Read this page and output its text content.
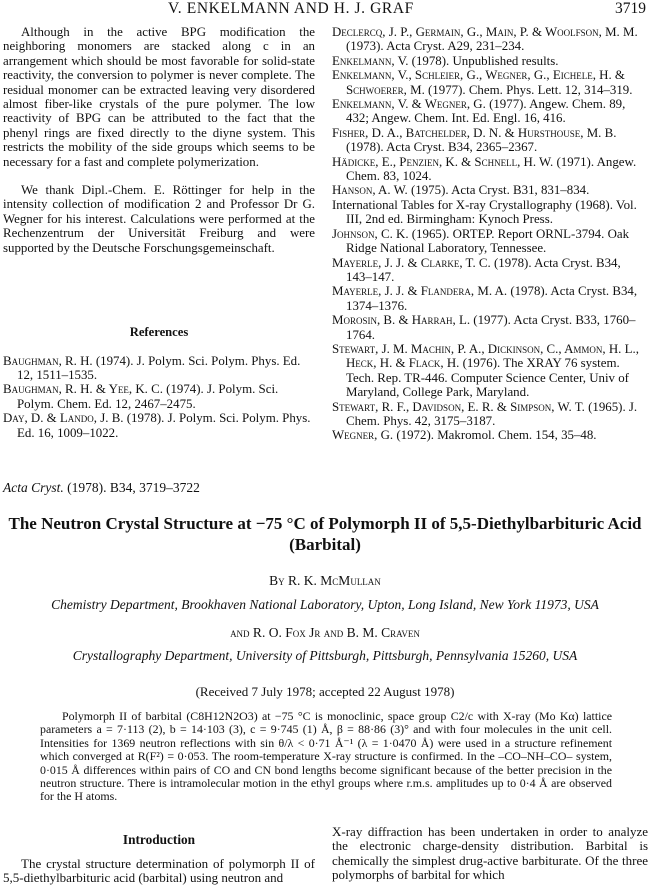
V. ENKELMANN AND H. J. GRAF	3719

Although in the active BPG modification the neighboring monomers are stacked along c in an arrangement which should be most favorable for solid-state reactivity, the conversion to polymer is never complete. The residual monomer can be extracted leaving very disordered almost fiber-like crystals of the pure polymer. The low reactivity of BPG can be attributed to the fact that the phenyl rings are fixed directly to the diyne system. This restricts the mobility of the side groups which seems to be necessary for a fast and complete polymerization.

We thank Dipl.-Chem. E. Röttinger for help in the intensity collection of modification 2 and Professor Dr G. Wegner for his interest. Calculations were performed at the Rechenzentrum der Universität Freiburg and were supported by the Deutsche Forschungsgemeinschaft.

References

Baughman, R. H. (1974). J. Polym. Sci. Polym. Phys. Ed. 12, 1511–1535.

Baughman, R. H. & Yee, K. C. (1974). J. Polym. Sci. Polym. Chem. Ed. 12, 2467–2475.

Day, D. & Lando, J. B. (1978). J. Polym. Sci. Polym. Phys. Ed. 16, 1009–1022.

Declercq, J. P., Germain, G., Main, P. & Woolfson, M. M. (1973). Acta Cryst. A29, 231–234.

Enkelmann, V. (1978). Unpublished results.

Enkelmann, V., Schleier, G., Wegner, G., Eichele, H. & Schwoerer, M. (1977). Chem. Phys. Lett. 12, 314–319.

Enkelmann, V. & Wegner, G. (1977). Angew. Chem. 89, 432; Angew. Chem. Int. Ed. Engl. 16, 416.

Fisher, D. A., Batchelder, D. N. & Hursthouse, M. B. (1978). Acta Cryst. B34, 2365–2367.

Hädicke, E., Penzien, K. & Schnell, H. W. (1971). Angew. Chem. 83, 1024.

Hanson, A. W. (1975). Acta Cryst. B31, 831–834.

International Tables for X-ray Crystallography (1968). Vol. III, 2nd ed. Birmingham: Kynoch Press.

Johnson, C. K. (1965). ORTEP. Report ORNL-3794. Oak Ridge National Laboratory, Tennessee.

Mayerle, J. J. & Clarke, T. C. (1978). Acta Cryst. B34, 143–147.

Mayerle, J. J. & Flandera, M. A. (1978). Acta Cryst. B34, 1374–1376.

Morosin, B. & Harrah, L. (1977). Acta Cryst. B33, 1760–1764.

Stewart, J. M. Machin, P. A., Dickinson, C., Ammon, H. L., Heck, H. & Flack, H. (1976). The XRAY 76 system. Tech. Rep. TR-446. Computer Science Center, Univ of Maryland, College Park, Maryland.

Stewart, R. F., Davidson, E. R. & Simpson, W. T. (1965). J. Chem. Phys. 42, 3175–3187.

Wegner, G. (1972). Makromol. Chem. 154, 35–48.

Acta Cryst. (1978). B34, 3719–3722
The Neutron Crystal Structure at −75 °C of Polymorph II of 5,5-Diethylbarbituric Acid (Barbital)
By R. K. McMullan
Chemistry Department, Brookhaven National Laboratory, Upton, Long Island, New York 11973, USA
and R. O. Fox Jr and B. M. Craven
Crystallography Department, University of Pittsburgh, Pittsburgh, Pennsylvania 15260, USA
(Received 7 July 1978; accepted 22 August 1978)

Polymorph II of barbital (C8H12N2O3) at −75 °C is monoclinic, space group C2/c with X-ray (Mo Kα) lattice parameters a = 7·113 (2), b = 14·103 (3), c = 9·745 (1) Å, β = 88·86 (3)° and with four molecules in the unit cell. Intensities for 1369 neutron reflections with sin θ/λ < 0·71 Å⁻¹ (λ = 1·0470 Å) were used in a structure refinement which converged at R(F²) = 0·053. The room-temperature X-ray structure is confirmed. In the –CO–NH–CO– system, 0·015 Å differences within pairs of CO and CN bond lengths become significant because of the better precision in the neutron structure. There is intramolecular motion in the ethyl groups where r.m.s. amplitudes up to 0·4 Å are observed for the H atoms.

Introduction

The crystal structure determination of polymorph II of 5,5-diethylbarbituric acid (barbital) using neutron and

X-ray diffraction has been undertaken in order to analyze the electronic charge-density distribution. Barbital is chemically the simplest drug-active barbiturate. Of the three polymorphs of barbital for which
